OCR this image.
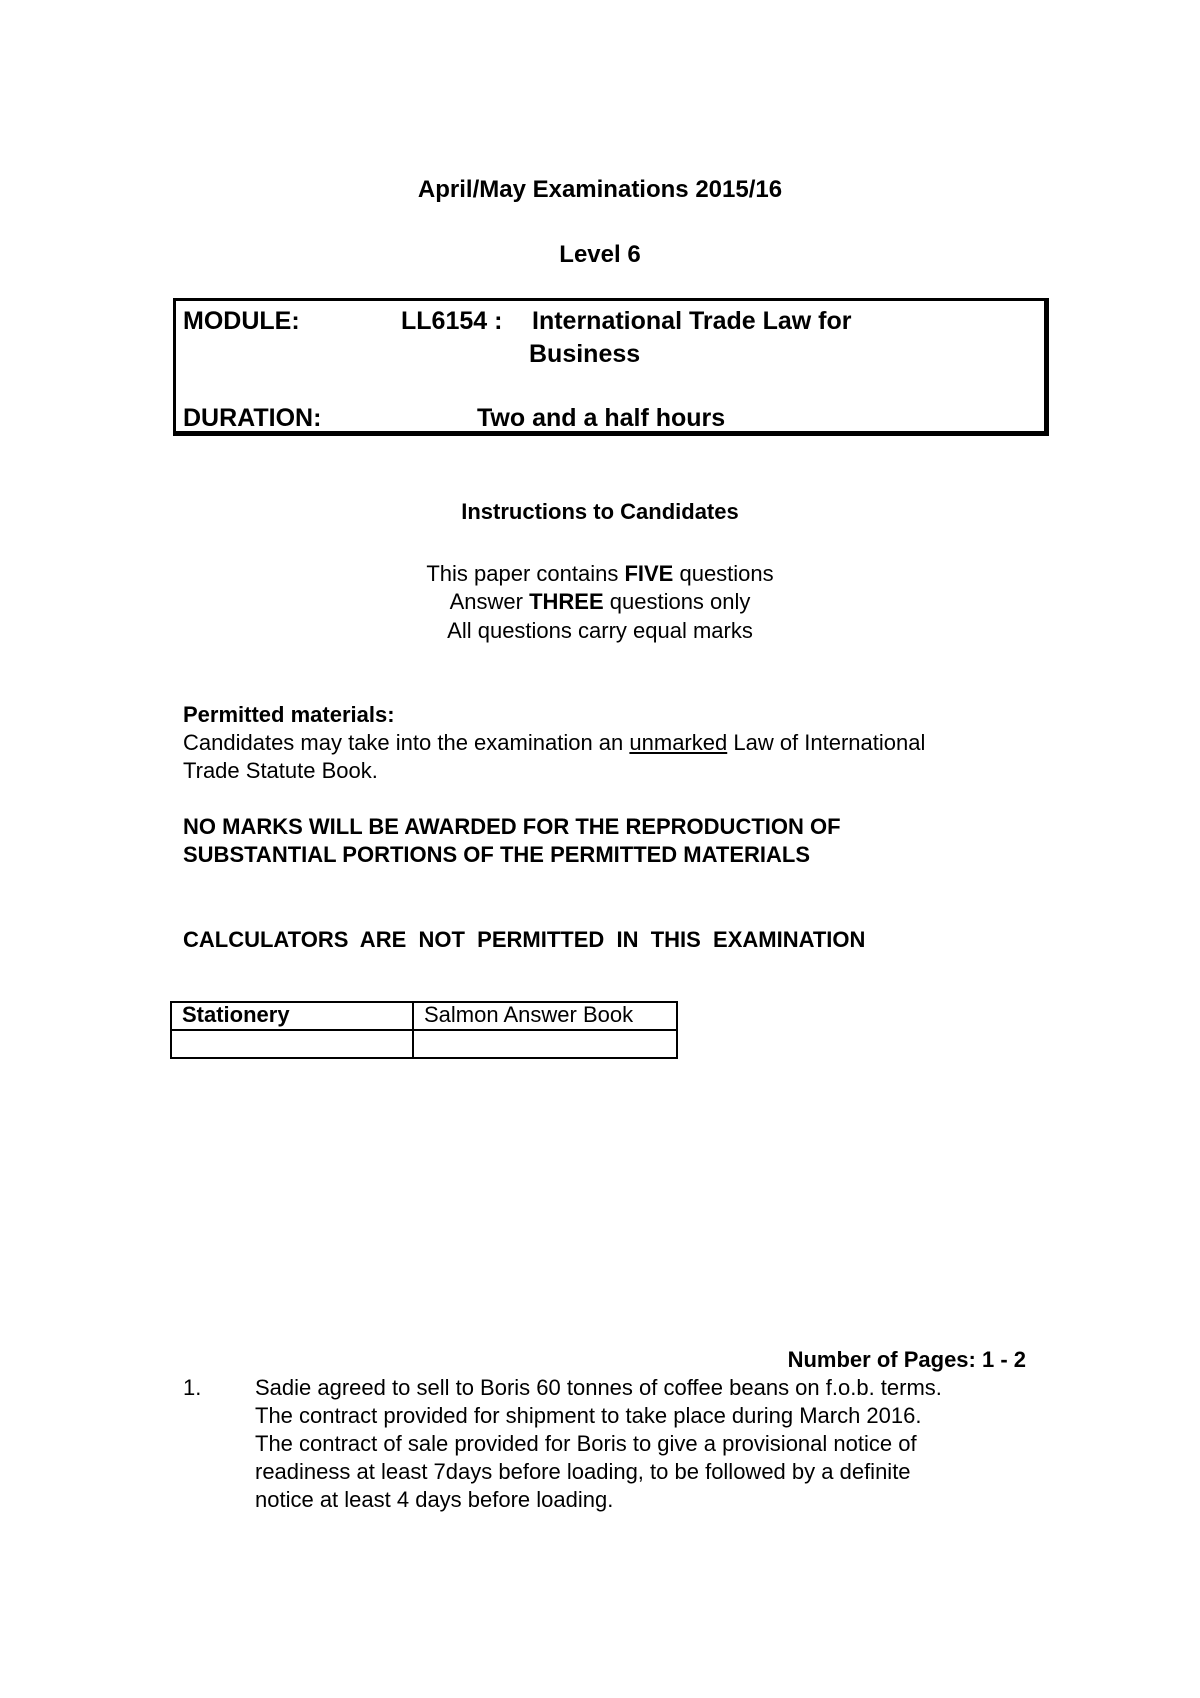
April/May Examinations 2015/16
Level 6
MODULE:	LL6154 : International Trade Law for
Business
DURATION:	Two and a half hours
Instructions to Candidates
This paper contains FIVE questions
Answer THREE questions only
All questions carry equal marks
Permitted materials:
Candidates may take into the examination an unmarked Law of International
Trade Statute Book.
NO MARKS WILL BE AWARDED FOR THE REPRODUCTION OF
SUBSTANTIAL PORTIONS OF THE PERMITTED MATERIALS
CALCULATORS  ARE  NOT  PERMITTED  IN  THIS  EXAMINATION
Stationery	Salmon Answer Book

Number of Pages: 1 - 2
1. Sadie agreed to sell to Boris 60 tonnes of coffee beans on f.o.b. terms.
The contract provided for shipment to take place during March 2016.
The contract of sale provided for Boris to give a provisional notice of
readiness at least 7days before loading, to be followed by a definite
notice at least 4 days before loading.
